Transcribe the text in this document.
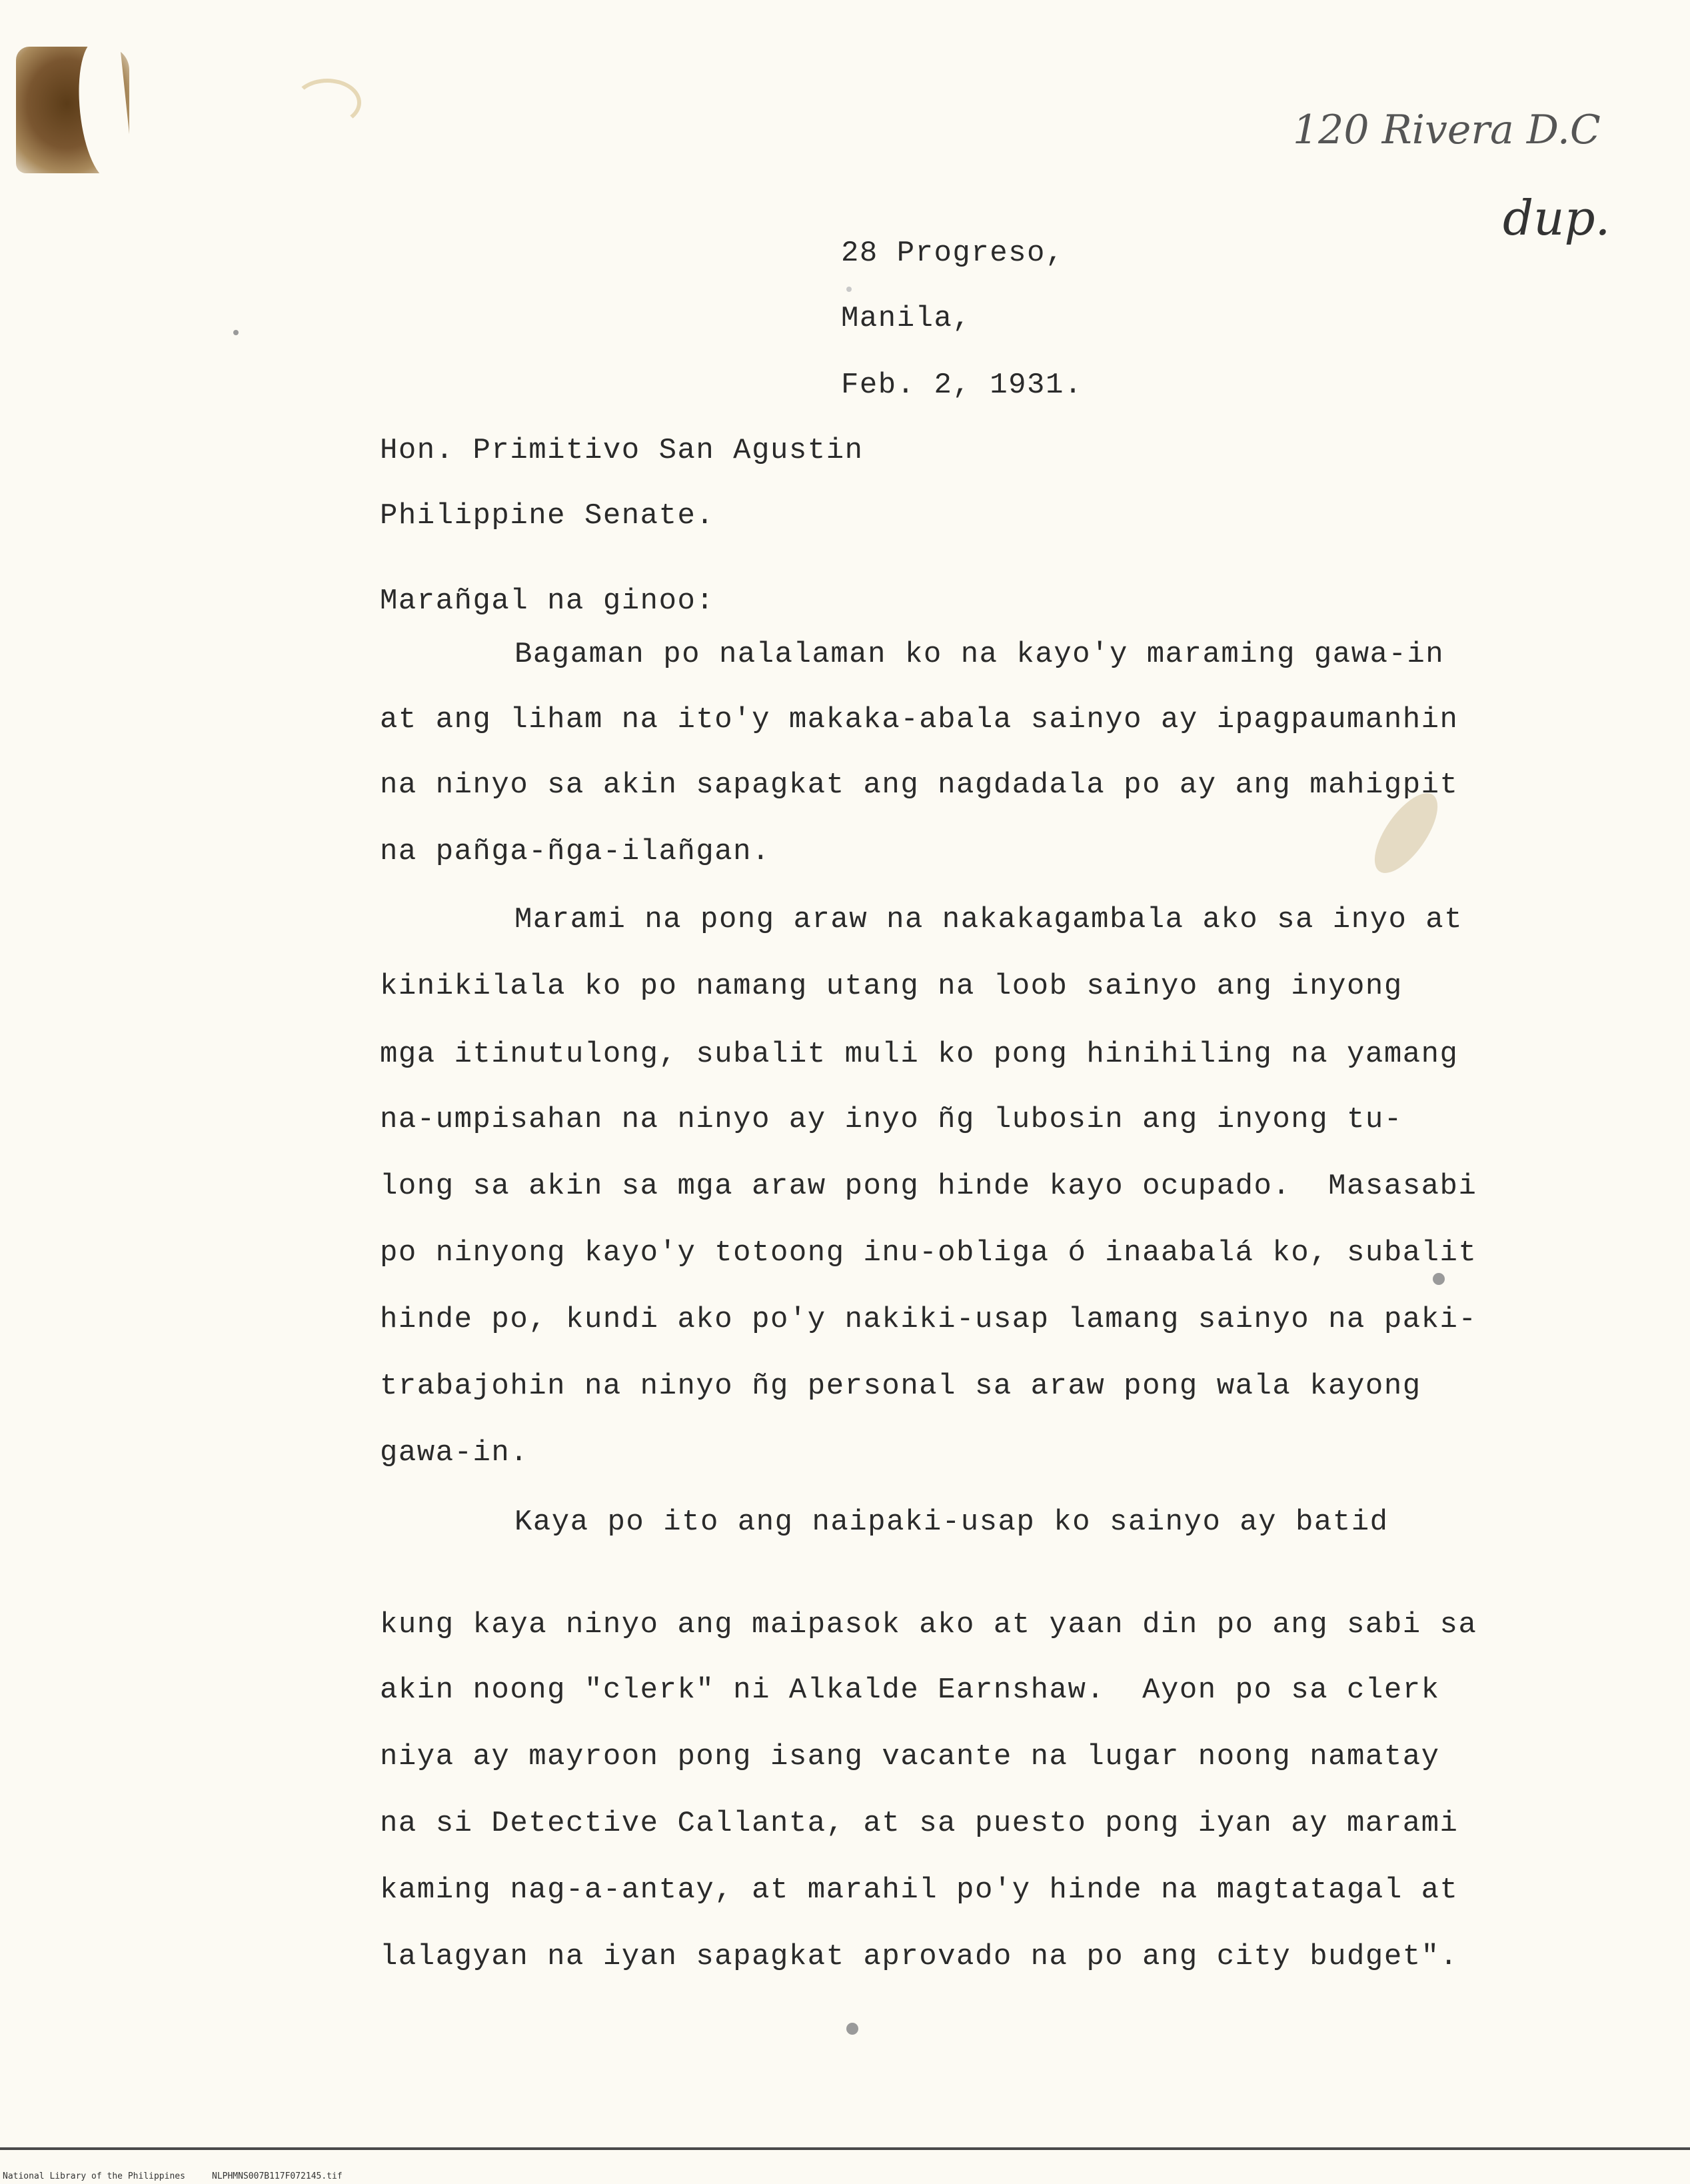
120 Rivera D.C
dup.
28 Progreso,
Manila,
Feb. 2, 1931.
Hon. Primitivo San Agustin
Philippine Senate.
Marañgal na ginoo:
Bagaman po nalalaman ko na kayo'y maraming gawa-in
at ang liham na ito'y makaka-abala sainyo ay ipagpaumanhin
na ninyo sa akin sapagkat ang nagdadala po ay ang mahigpit
na pañga-ñga-ilañgan.
Marami na pong araw na nakakagambala ako sa inyo at
kinikilala ko po namang utang na loob sainyo ang inyong
mga itinutulong, subalit muli ko pong hinihiling na yamang
na-umpisahan na ninyo ay inyo ñg lubosin ang inyong tu-
long sa akin sa mga araw pong hinde kayo ocupado.  Masasabi
po ninyong kayo'y totoong inu-obliga ó inaabalá ko, subalit
hinde po, kundi ako po'y nakiki-usap lamang sainyo na paki-
trabajohin na ninyo ñg personal sa araw pong wala kayong
gawa-in.
Kaya po ito ang naipaki-usap ko sainyo ay batid
kung kaya ninyo ang maipasok ako at yaan din po ang sabi sa
akin noong "clerk" ni Alkalde Earnshaw.  Ayon po sa clerk
niya ay mayroon pong isang vacante na lugar noong namatay
na si Detective Callanta, at sa puesto pong iyan ay marami
kaming nag-a-antay, at marahil po'y hinde na magtatagal at
lalagyan na iyan sapagkat aprovado na po ang city budget".
National Library of the Philippines	NLPHMNS007B117F072145.tif
